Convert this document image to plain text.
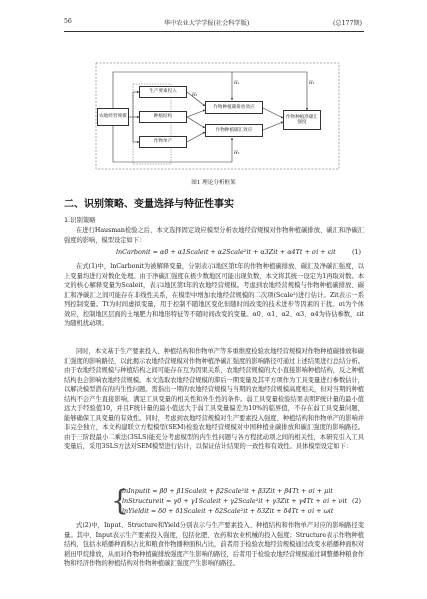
56	华中农业大学学报(社会科学版)	(总177期)
农地经营规模
生产要素投入
种植结构
作物单产
作物种植碳排放效应
作物种植碳汇效应
作物种植净碳汇强度
H₁	H₂
H₃
H₃
图1 理论分析框架
二、识别策略、变量选择与特征性事实
1.识别策略
在进行Hausman检验之后，本文选择固定效应模型分析农地经营规模对作物种植碳排放、碳汇和净碳汇强度的影响，模型设定如下：
lnCarbonit = α0 + α1Scaleit + α2Scale²it + α3Zit + α4Tt + σi + εit	(1)
在式(1)中，lnCarbonit为被解释变量，分别表示i地区第t年的作物种植碳排放、碳汇及净碳汇强度，以上变量均进行对数化处理。由于净碳汇强度在极少数地区可能出现负数，本文将其统一设定为1再取对数。本文的核心解释变量为Scaleit，表示i地区第t年的农地经营规模。考虑到农地经营规模与作物种植碳排放、碳汇和净碳汇之间可能存在非线性关系，在模型中增加农地经营规模的二次项(Scale²)进行估计。Zit表示一系列控制变量。Tt为时间虚拟变量，用于控制不随地区变化但随时间改变的技术进步等因素的干扰。σi为个体效应，控制地区层面的土壤肥力和地形特征等不随时间改变的变量。α0、α1、α2、α3、α4为待估参数，εit为随机扰动项。
同时，本文基于生产要素投入、种植结构和作物单产等多重维度检验农地经营规模对作物种植碳排放和碳汇强度的影响路径，以此揭示农地经营规模对作物种植净碳汇强度的影响路径可通过上述结果进行总结分析。由于农地经营规模与种植结构之间可能存在互为因果关系，农地经营规模的大小直接影响种植结构，反之种植结构也会影响农地经营规模。本文选取农地经营规模的滞后一期变量及其平方项作为工具变量进行参数估计，以解决模型潜在的内生性问题。需指出一期的农地经营规模与当期的农地经营规模高度相关，但对当期的种植结构不会产生直接影响，满足工具变量的相关性和外生性的条件。弱工具变量检验结果表明F统计量的最小值远大于经验值10，并且F统计量的最小值远大于弱工具变量偏差为10%的临界值，不存在弱工具变量问题，能够确保工具变量的有效性。同时，考虑到农地经营规模对生产要素投入强度、种植结构和作物单产的影响并非完全独立，本文构建联立方程模型(SEM)检验农地经营规模对中国种植业碳排放和碳汇强度的影响路径。由于三阶段最小二乘法(3SLS)能充分考虑模型的内生性问题与各方程扰动项之间的相关性，本研究引入工具变量后，采用3SLS方法对SEM模型进行估计，以保证估计结果的一致性和有效性。具体模型设定如下：
{
lnInputit = β0 + β1Scaleit + β2Scale²it + β3Zit + β4Tt + σi + μit
lnStructureit = γ0 + γ1Scaleit + γ2Scale²it + γ3Zit + γ4Tt + σi + νit
lnYieldit = δ0 + δ1Scaleit + δ2Scale²it + δ3Zit + δ4Tt + σi + ωit
(2)
式(2)中，Input、Structure和Yield分别表示与生产要素投入、种植结构和作物单产对应的影响路径变量。其中，Input表示生产要素投入强度，包括化肥、农药和农业机械的投入强度；Structure表示作物种植结构，包括水稻播种面积占比和粮食作物播种面积占比，前者用于检验农地经营规模通过改变水稻播种面积对稻田甲烷排放，从而对作物种植碳排放强度产生影响的路径，后者用于检验农地经营规模通过调整播种粮食作物和经济作物的种植结构对作物种植碳汇强度产生影响的路径。
